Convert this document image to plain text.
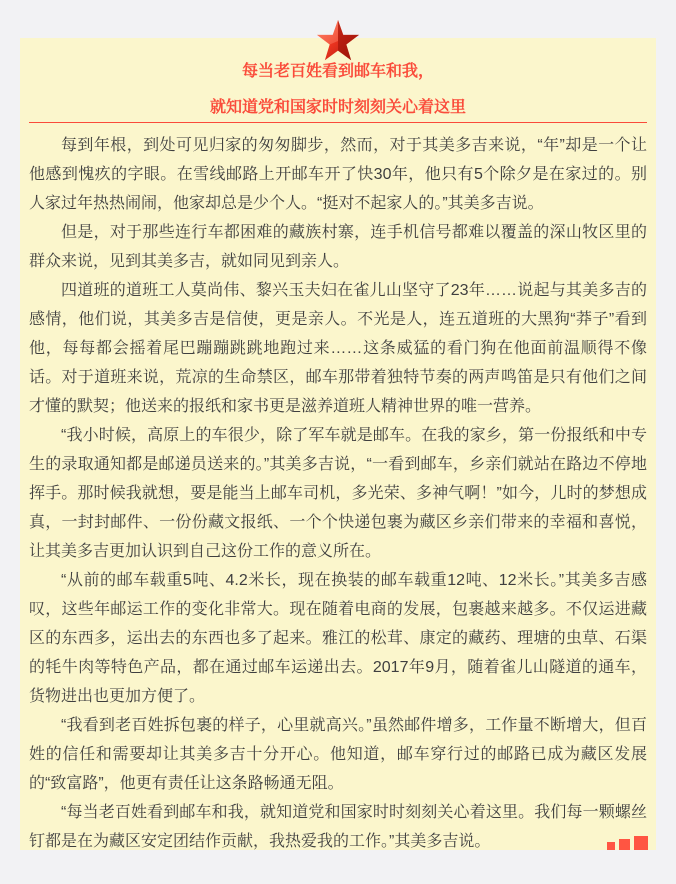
每当老百姓看到邮车和我，
就知道党和国家时时刻刻关心着这里

每到年根，到处可见归家的匆匆脚步，然而，对于其美多吉来说，“年”却是一个让他感到愧疚的字眼。在雪线邮路上开邮车开了快30年，他只有5个除夕是在家过的。别人家过年热热闹闹，他家却总是少个人。“挺对不起家人的。”其美多吉说。

但是，对于那些连行车都困难的藏族村寨，连手机信号都难以覆盖的深山牧区里的群众来说，见到其美多吉，就如同见到亲人。

四道班的道班工人莫尚伟、黎兴玉夫妇在雀儿山坚守了23年……说起与其美多吉的感情，他们说，其美多吉是信使，更是亲人。不光是人，连五道班的大黑狗“莽子”看到他，每每都会摇着尾巴蹦蹦跳跳地跑过来……这条威猛的看门狗在他面前温顺得不像话。对于道班来说，荒凉的生命禁区，邮车那带着独特节奏的两声鸣笛是只有他们之间才懂的默契；他送来的报纸和家书更是滋养道班人精神世界的唯一营养。

“我小时候，高原上的车很少，除了军车就是邮车。在我的家乡，第一份报纸和中专生的录取通知都是邮递员送来的。”其美多吉说，“一看到邮车，乡亲们就站在路边不停地挥手。那时候我就想，要是能当上邮车司机，多光荣、多神气啊！”如今，儿时的梦想成真，一封封邮件、一份份藏文报纸、一个个快递包裹为藏区乡亲们带来的幸福和喜悦，让其美多吉更加认识到自己这份工作的意义所在。

“从前的邮车载重5吨、4.2米长，现在换装的邮车载重12吨、12米长。”其美多吉感叹，这些年邮运工作的变化非常大。现在随着电商的发展，包裹越来越多。不仅运进藏区的东西多，运出去的东西也多了起来。雅江的松茸、康定的藏药、理塘的虫草、石渠的牦牛肉等特色产品，都在通过邮车运递出去。2017年9月，随着雀儿山隧道的通车，货物进出也更加方便了。

“我看到老百姓拆包裹的样子，心里就高兴。”虽然邮件增多，工作量不断增大，但百姓的信任和需要却让其美多吉十分开心。他知道，邮车穿行过的邮路已成为藏区发展的“致富路”，他更有责任让这条路畅通无阻。

“每当老百姓看到邮车和我，就知道党和国家时时刻刻关心着这里。我们每一颗螺丝钉都是在为藏区安定团结作贡献，我热爱我的工作。”其美多吉说。
